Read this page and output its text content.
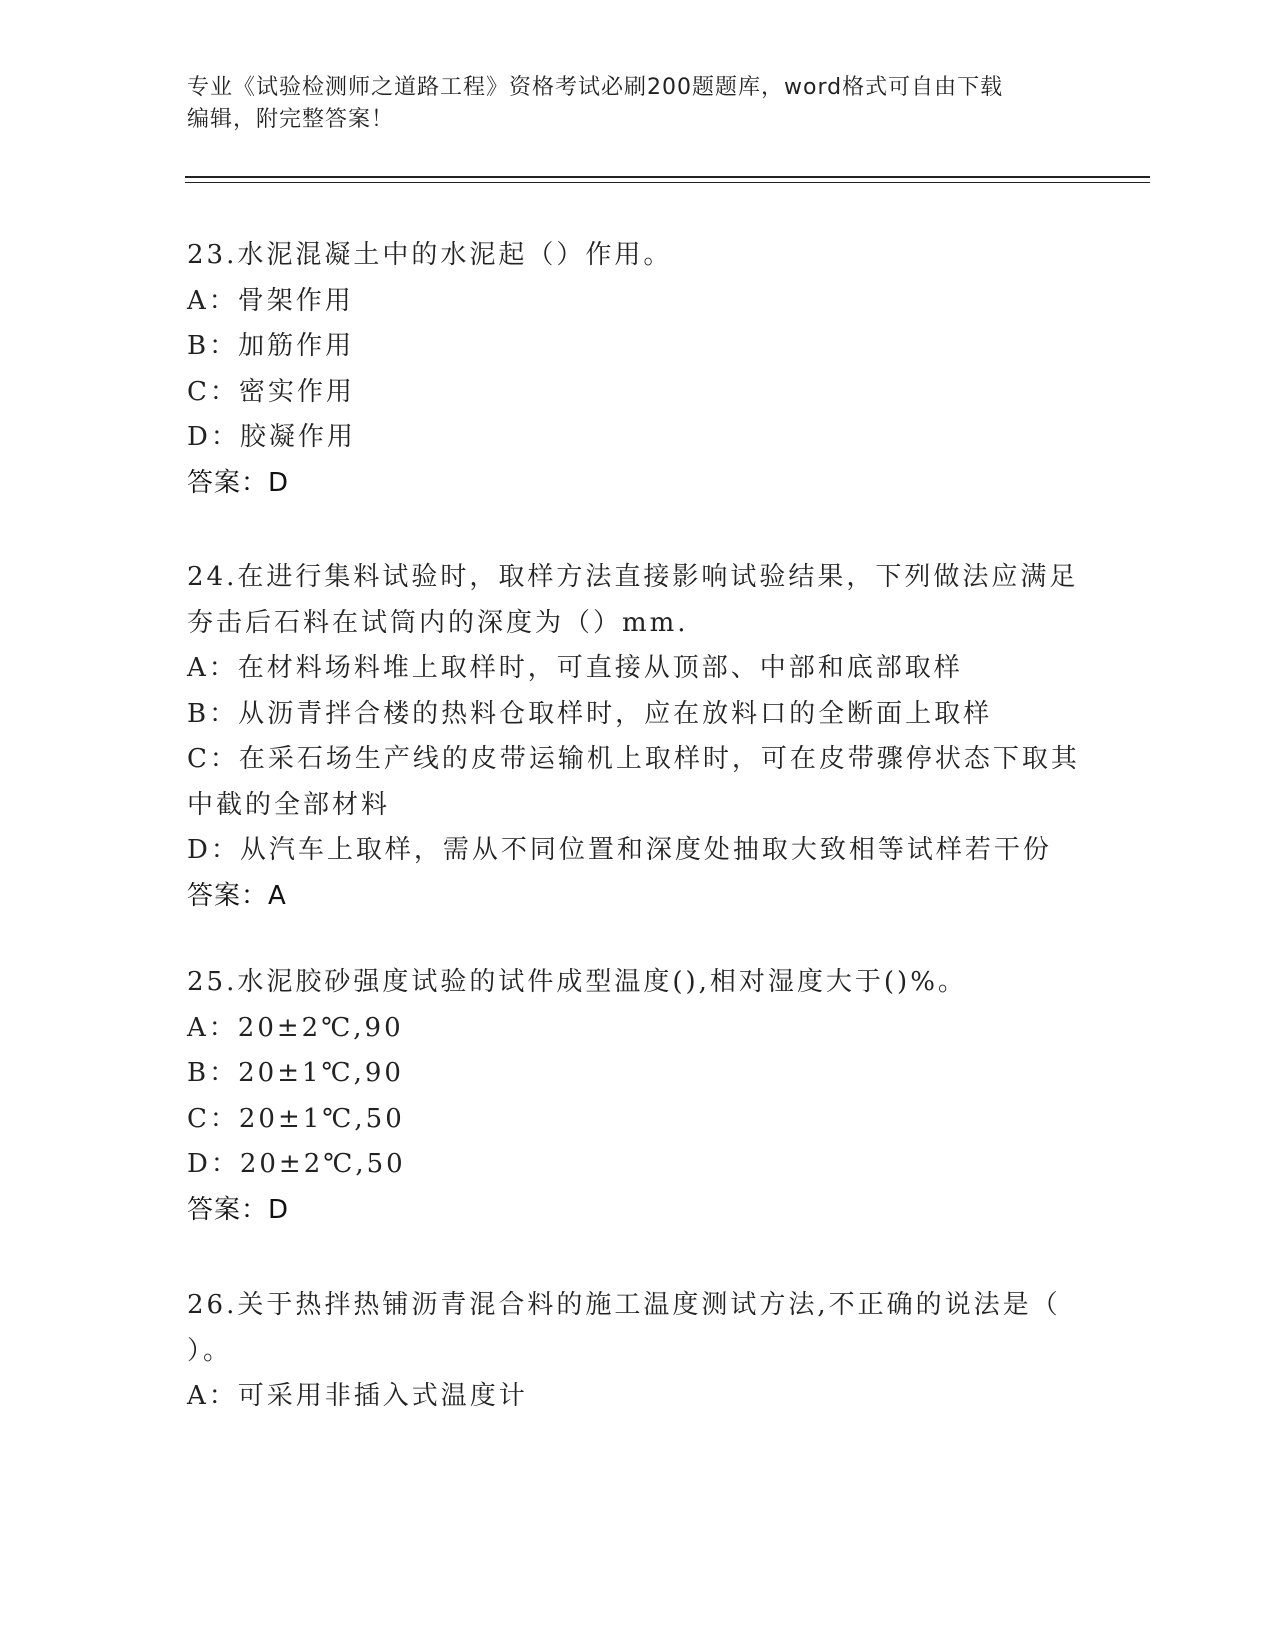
专业《试验检测师之道路工程》资格考试必刷200题题库，word格式可自由下载
编辑，附完整答案！
23.水泥混凝土中的水泥起（）作用。
A：骨架作用
B：加筋作用
C：密实作用
D：胶凝作用
答案：D
24.在进行集料试验时，取样方法直接影响试验结果，下列做法应满足
夯击后石料在试筒内的深度为（）mm.
A：在材料场料堆上取样时，可直接从顶部、中部和底部取样
B：从沥青拌合楼的热料仓取样时，应在放料口的全断面上取样
C：在采石场生产线的皮带运输机上取样时，可在皮带骤停状态下取其
中截的全部材料
D：从汽车上取样，需从不同位置和深度处抽取大致相等试样若干份
答案：A
25.水泥胶砂强度试验的试件成型温度(),相对湿度大于()%。
A：20±2℃,90
B：20±1℃,90
C：20±1℃,50
D：20±2℃,50
答案：D
26.关于热拌热铺沥青混合料的施工温度测试方法,不正确的说法是（
）。
A：可采用非插入式温度计
